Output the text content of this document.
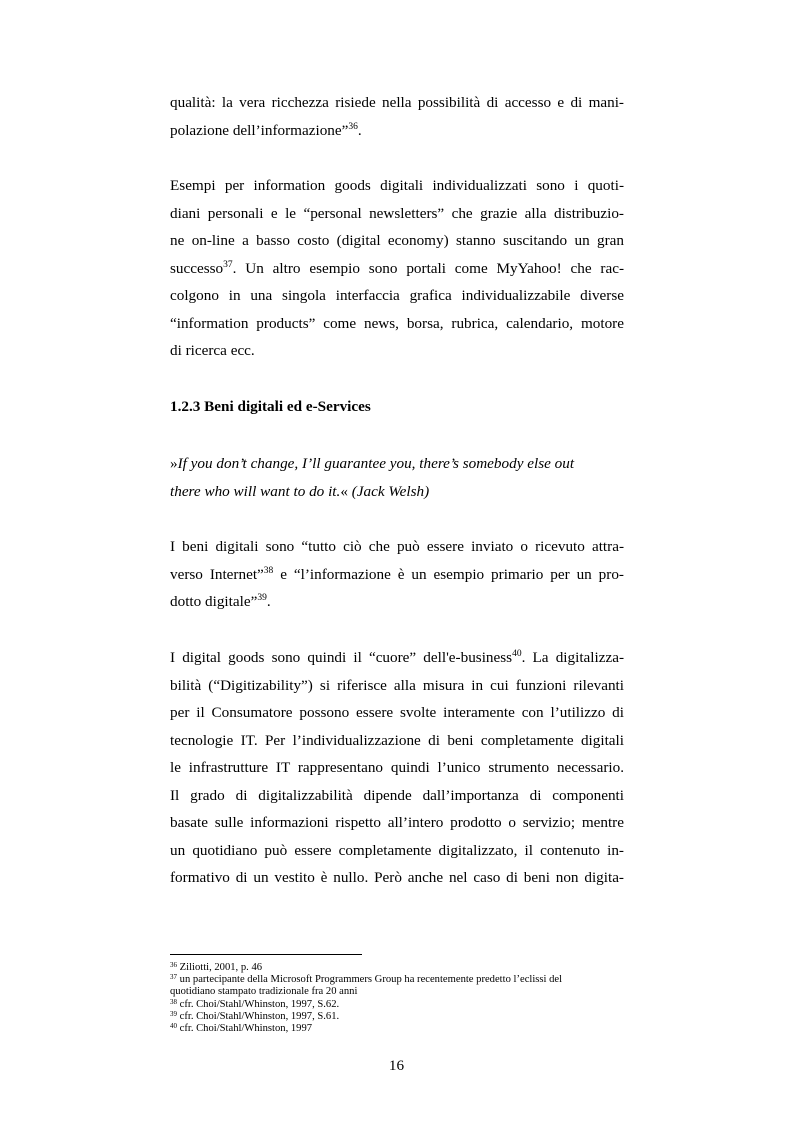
qualità: la vera ricchezza risiede nella possibilità di accesso e di mani-
polazione dell’informazione”$^{36}$.
Esempi per information goods digitali individualizzati sono i quoti-
diani personali e le “personal newsletters” che grazie alla distribuzio-
ne on-line a basso costo (digital economy) stanno suscitando un gran
successo$^{37}$. Un altro esempio sono portali come MyYahoo! che rac-
colgono in una singola interfaccia grafica individualizzabile diverse
“information products” come news, borsa, rubrica, calendario, motore
di ricerca ecc.
1.2.3 Beni digitali ed e-Services
»If you don’t change, I’ll guarantee you, there’s somebody else out
there who will want to do it.« (Jack Welsh)
I beni digitali sono “tutto ciò che può essere inviato o ricevuto attra-
verso Internet”$^{38}$ e “l’informazione è un esempio primario per un pro-
dotto digitale”$^{39}$.
I digital goods sono quindi il “cuore” dell'e-business$^{40}$. La digitalizza-
bilità (“Digitizability”) si riferisce alla misura in cui funzioni rilevanti
per il Consumatore possono essere svolte interamente con l’utilizzo di
tecnologie IT. Per l’individualizzazione di beni completamente digitali
le infrastrutture IT rappresentano quindi l’unico strumento necessario.
Il grado di digitalizzabilità dipende dall’importanza di componenti
basate sulle informazioni rispetto all’intero prodotto o servizio; mentre
un quotidiano può essere completamente digitalizzato, il contenuto in-
formativo di un vestito è nullo. Però anche nel caso di beni non digita-
$^{36}$ Ziliotti, 2001, p. 46
$^{37}$ un partecipante della Microsoft Programmers Group ha recentemente predetto l’eclissi del
quotidiano stampato tradizionale fra 20 anni
$^{38}$ cfr. Choi/Stahl/Whinston, 1997, S.62.
$^{39}$ cfr. Choi/Stahl/Whinston, 1997, S.61.
$^{40}$ cfr. Choi/Stahl/Whinston, 1997
16
